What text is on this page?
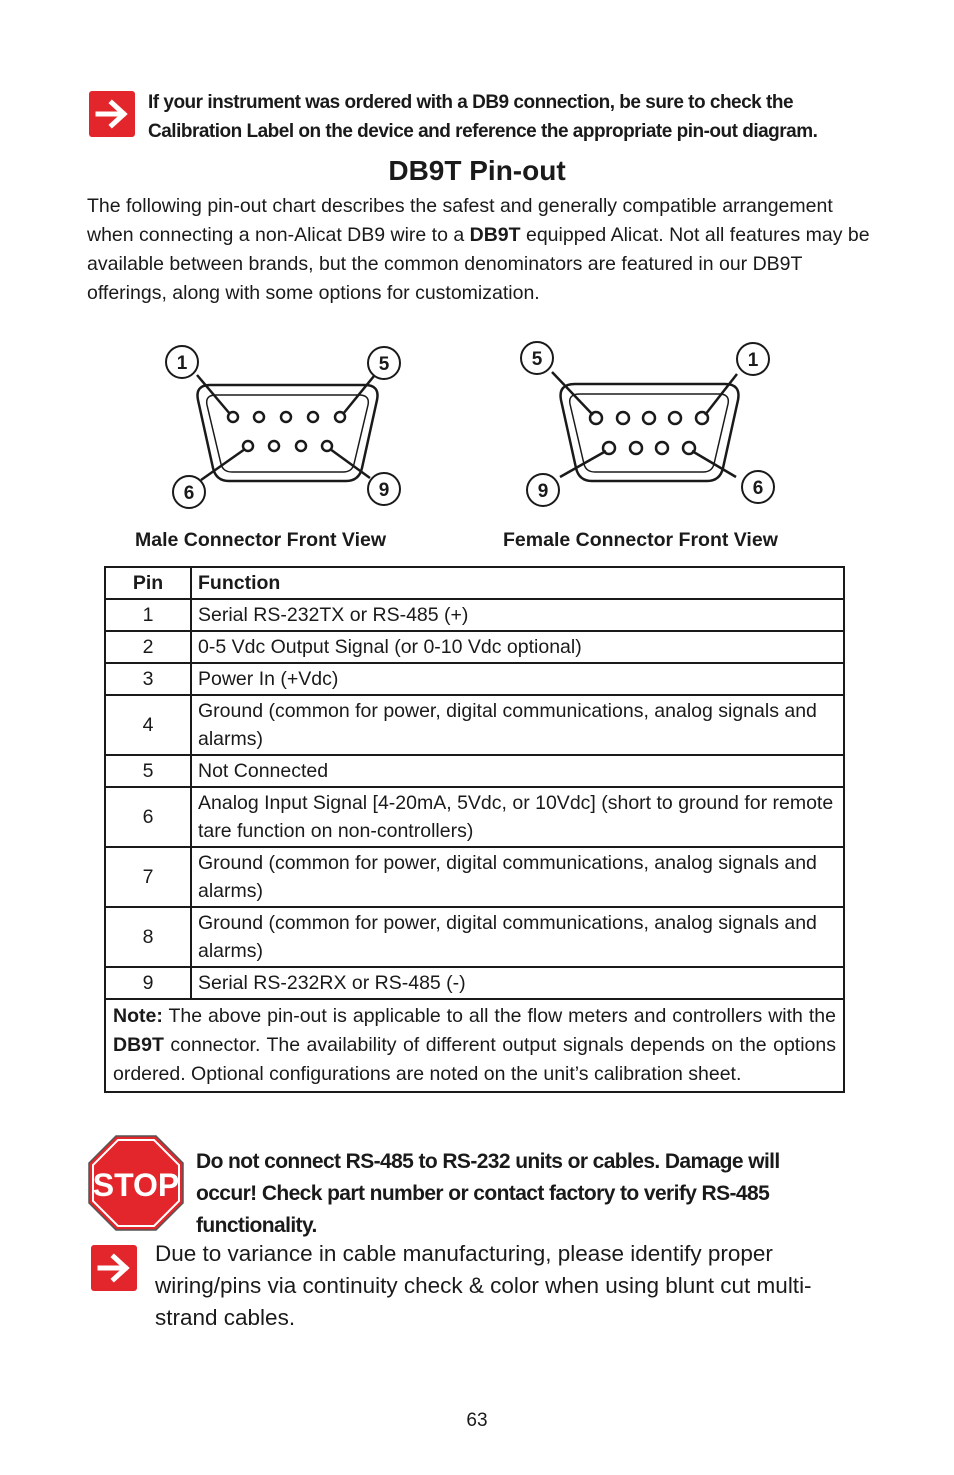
If your instrument was ordered with a DB9 connection, be sure to check the Calibration Label on the device and reference the appropriate pin-out diagram.
DB9T Pin-out
The following pin-out chart describes the safest and generally compatible arrangement when connecting a non-Alicat DB9 wire to a DB9T equipped Alicat. Not all features may be available between brands, but the common denominators are featured in our DB9T offerings, along with some options for customization.
1	5
6	9
5	1
9	6
Male Connector Front View	Female Connector Front View
Pin	Function
1	Serial RS-232TX or RS-485 (+)
2	0-5 Vdc Output Signal (or 0-10 Vdc optional)
3	Power In (+Vdc)
4	Ground (common for power, digital communications, analog signals and alarms)
5	Not Connected
6	Analog Input Signal [4-20mA, 5Vdc, or 10Vdc] (short to ground for remote tare function on non-controllers)
7	Ground (common for power, digital communications, analog signals and alarms)
8	Ground (common for power, digital communications, analog signals and alarms)
9	Serial RS-232RX or RS-485 (-)
Note: The above pin-out is applicable to all the flow meters and controllers with the DB9T connector. The availability of different output signals depends on the options ordered. Optional configurations are noted on the unit’s calibration sheet.	
STOP
Do not connect RS-485 to RS-232 units or cables. Damage will occur! Check part number or contact factory to verify RS-485 functionality.
Due to variance in cable manufacturing, please identify proper wiring/pins via continuity check & color when using blunt cut multi-strand cables.
63
